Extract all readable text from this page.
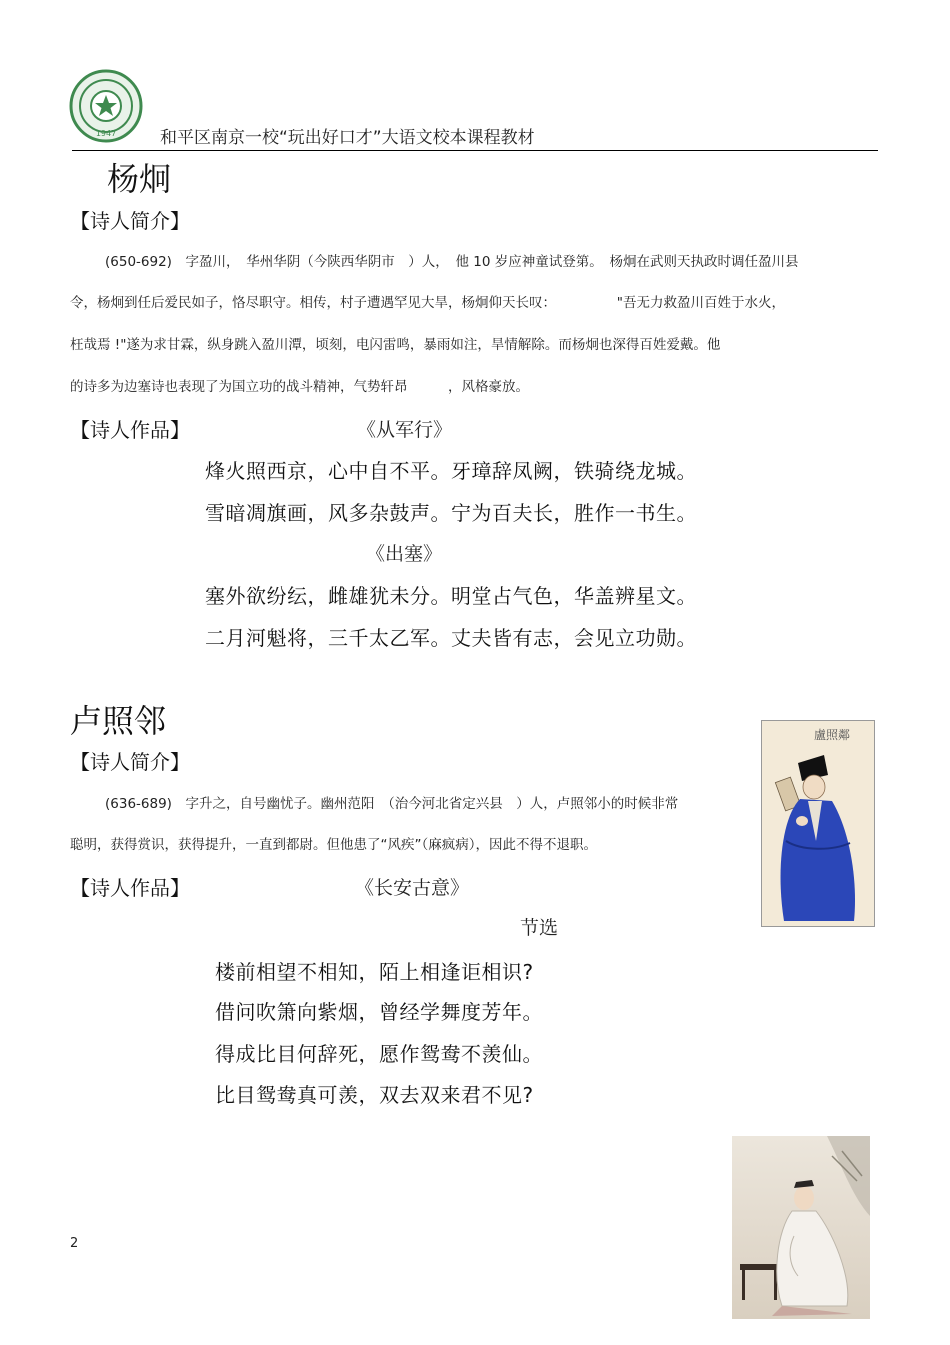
1947	和平区南京一校“玩出好口才”大语文校本课程教材
杨炯
【诗人简介】
(650-692)　字盈川，　华州华阴（今陕西华阴市　）人，　他 10 岁应神童试登第。　杨炯在武则天执政时调任盈川县
令，杨炯到任后爱民如子，恪尽职守。相传，村子遭遇罕见大旱，杨炯仰天长叹：　　　　　"吾无力救盈川百姓于水火，
枉哉焉 !"遂为求甘霖，纵身跳入盈川潭，顷刻，电闪雷鸣，暴雨如注，旱情解除。而杨炯也深得百姓爱戴。他
的诗多为边塞诗也表现了为国立功的战斗精神，气势轩昂　　　，风格豪放。
【诗人作品】	《从军行》
烽火照西京，心中自不平。牙璋辞凤阙，铁骑绕龙城。
雪暗凋旗画，风多杂鼓声。宁为百夫长，胜作一书生。
《出塞》
塞外欲纷纭，雌雄犹未分。明堂占气色，华盖辨星文。
二月河魁将，三千太乙军。丈夫皆有志，会见立功勋。
卢照邻
【诗人简介】
(636-689)　字升之，自号幽忧子。幽州范阳　（治今河北省定兴县　）人，卢照邻小的时候非常
聪明，获得赏识，获得提升，一直到都尉。但他患了“风疾”（麻疯病），因此不得不退职。
【诗人作品】	《长安古意》
节选
楼前相望不相知，陌上相逢讵相识?
借问吹箫向紫烟，曾经学舞度芳年。
得成比目何辞死，愿作鸳鸯不羡仙。
比目鸳鸯真可羡，双去双来君不见?
盧照鄰
2
